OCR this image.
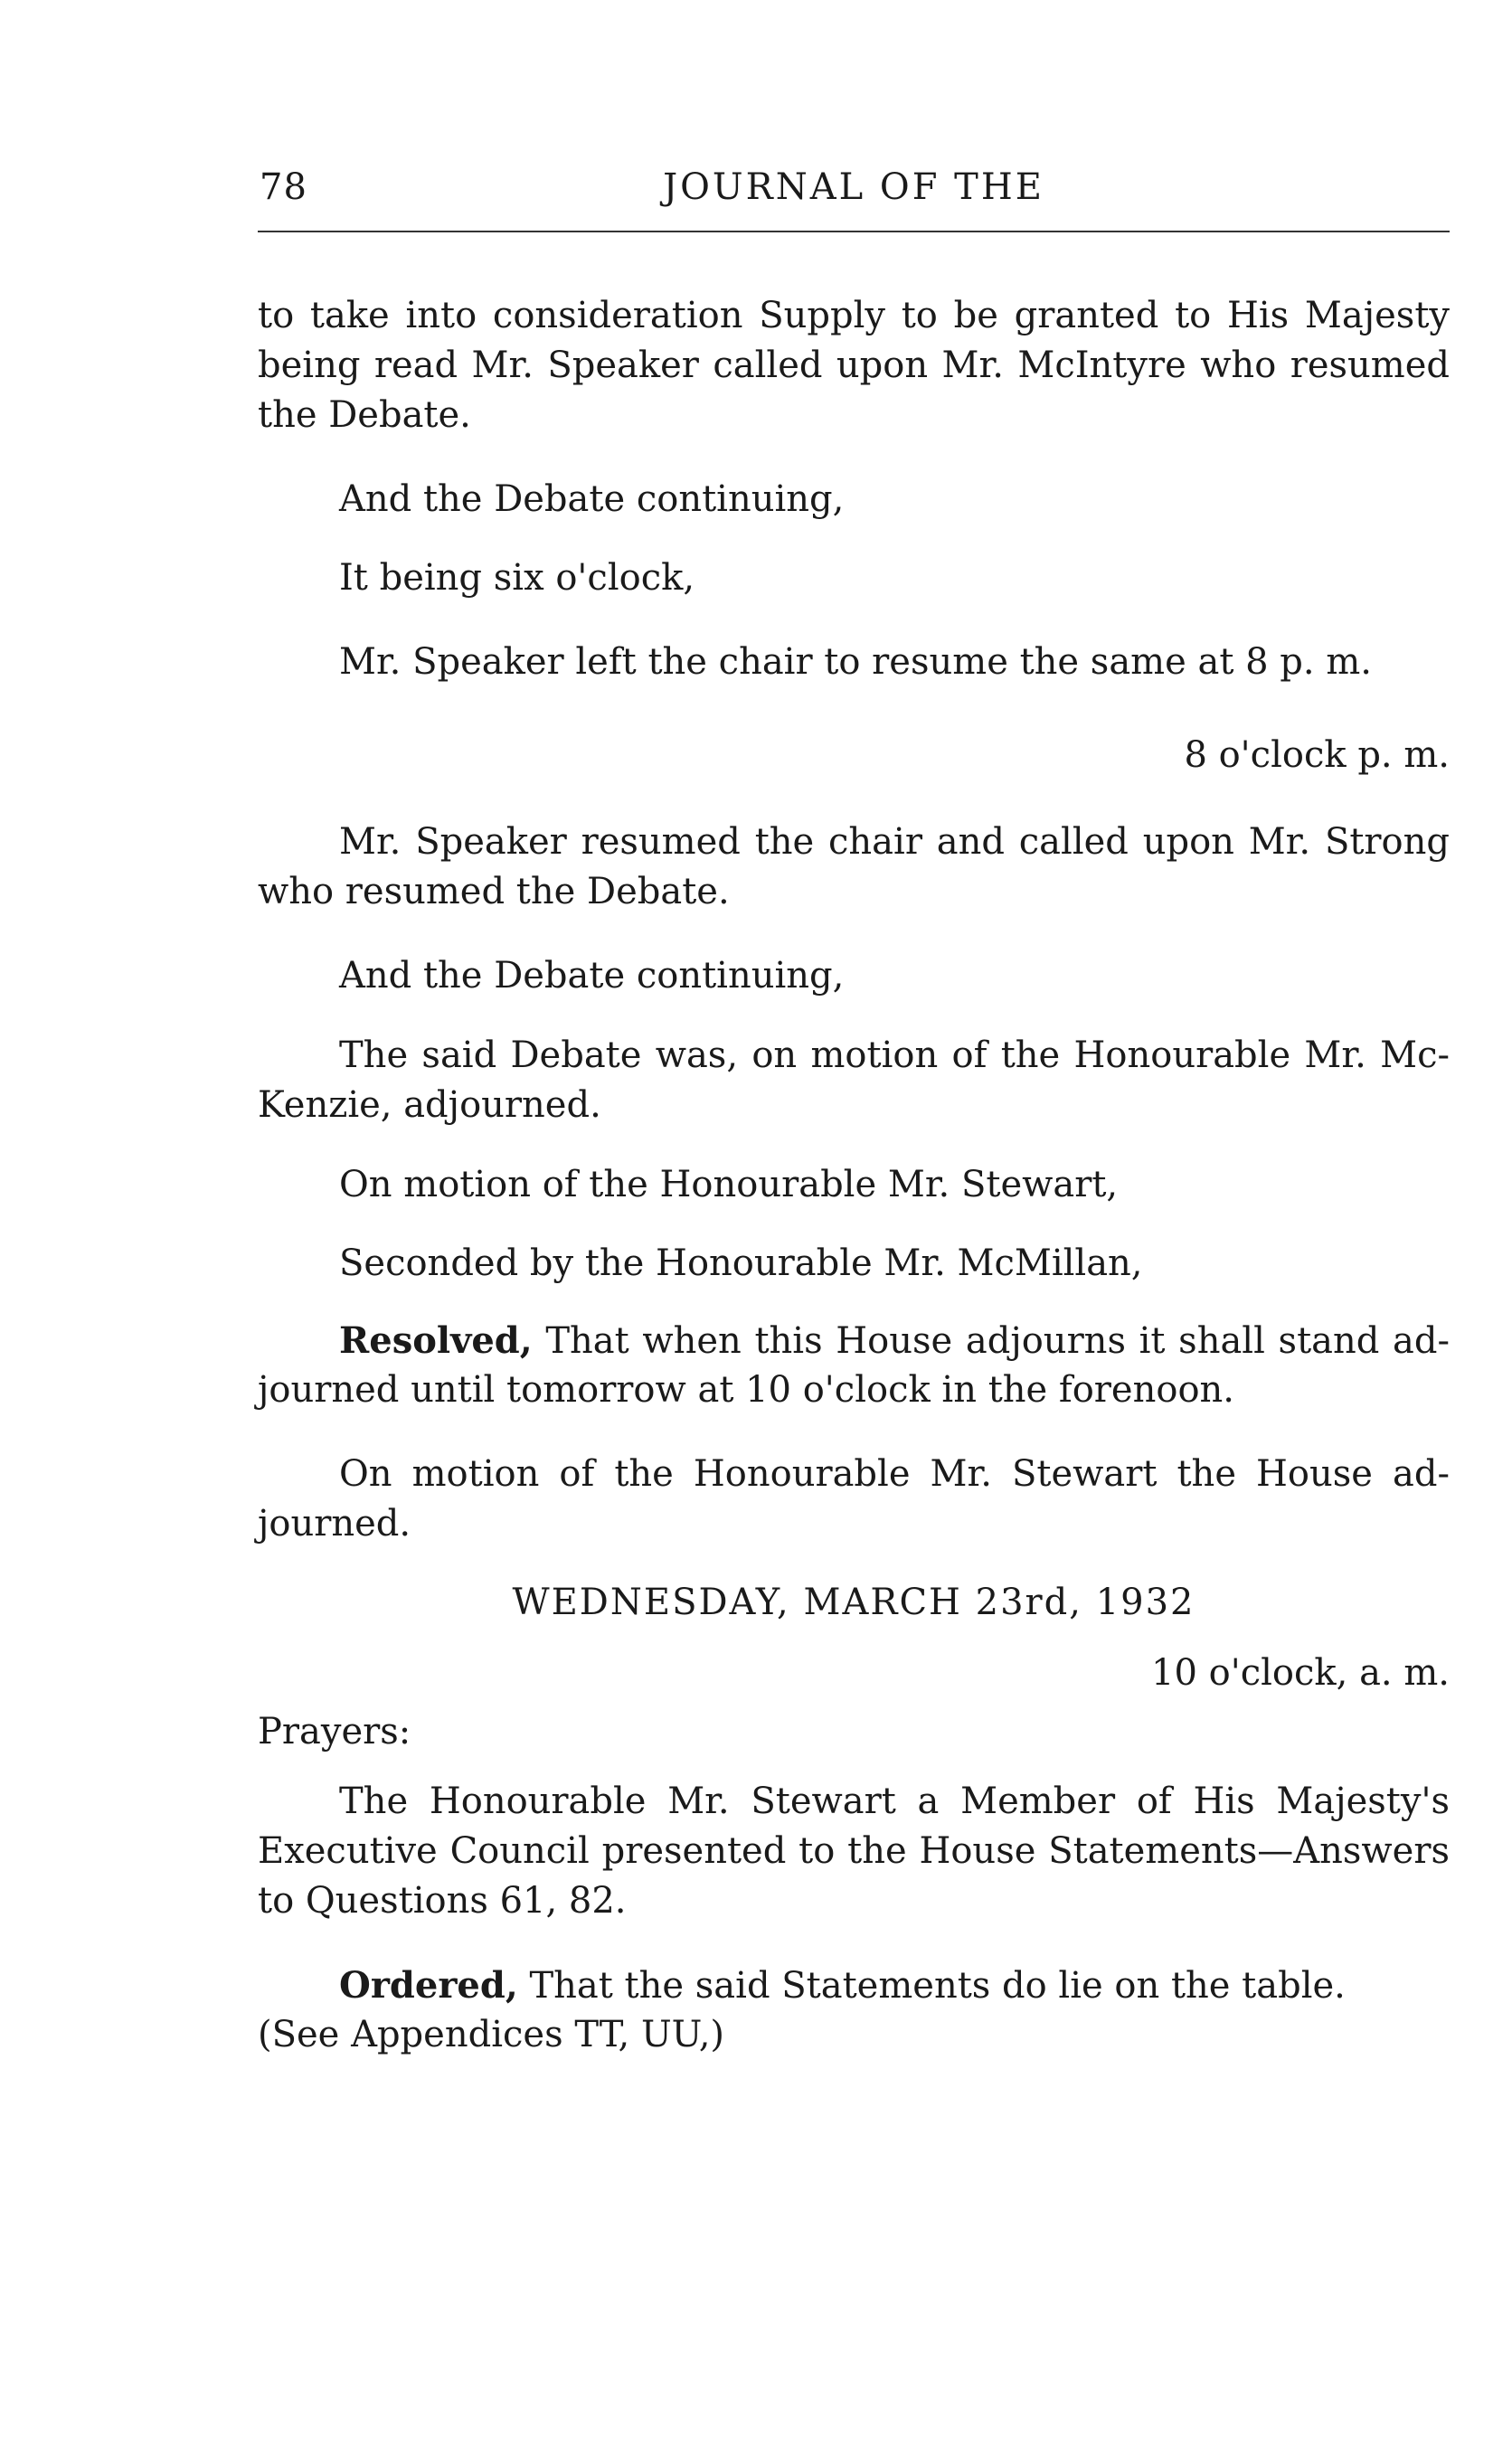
78	JOURNAL OF THE
to take into consideration Supply to be granted to His Majesty
being read Mr. Speaker called upon Mr. McIntyre who resumed
the Debate.
And the Debate continuing,
It being six o'clock,
Mr. Speaker left the chair to resume the same at 8 p. m.
8 o'clock p. m.
Mr. Speaker resumed the chair and called upon Mr. Strong
who resumed the Debate.
And the Debate continuing,
The said Debate was, on motion of the Honourable Mr. Mc-
Kenzie, adjourned.
On motion of the Honourable Mr. Stewart,
Seconded by the Honourable Mr. McMillan,
Resolved, That when this House adjourns it shall stand ad-
journed until tomorrow at 10 o'clock in the forenoon.
On motion of the Honourable Mr. Stewart the House ad-
journed.
WEDNESDAY, MARCH 23rd, 1932
10 o'clock, a. m.
Prayers:
The Honourable Mr. Stewart a Member of His Majesty's
Executive Council presented to the House Statements—Answers
to Questions 61, 82.
Ordered, That the said Statements do lie on the table.
(See Appendices TT, UU,)
